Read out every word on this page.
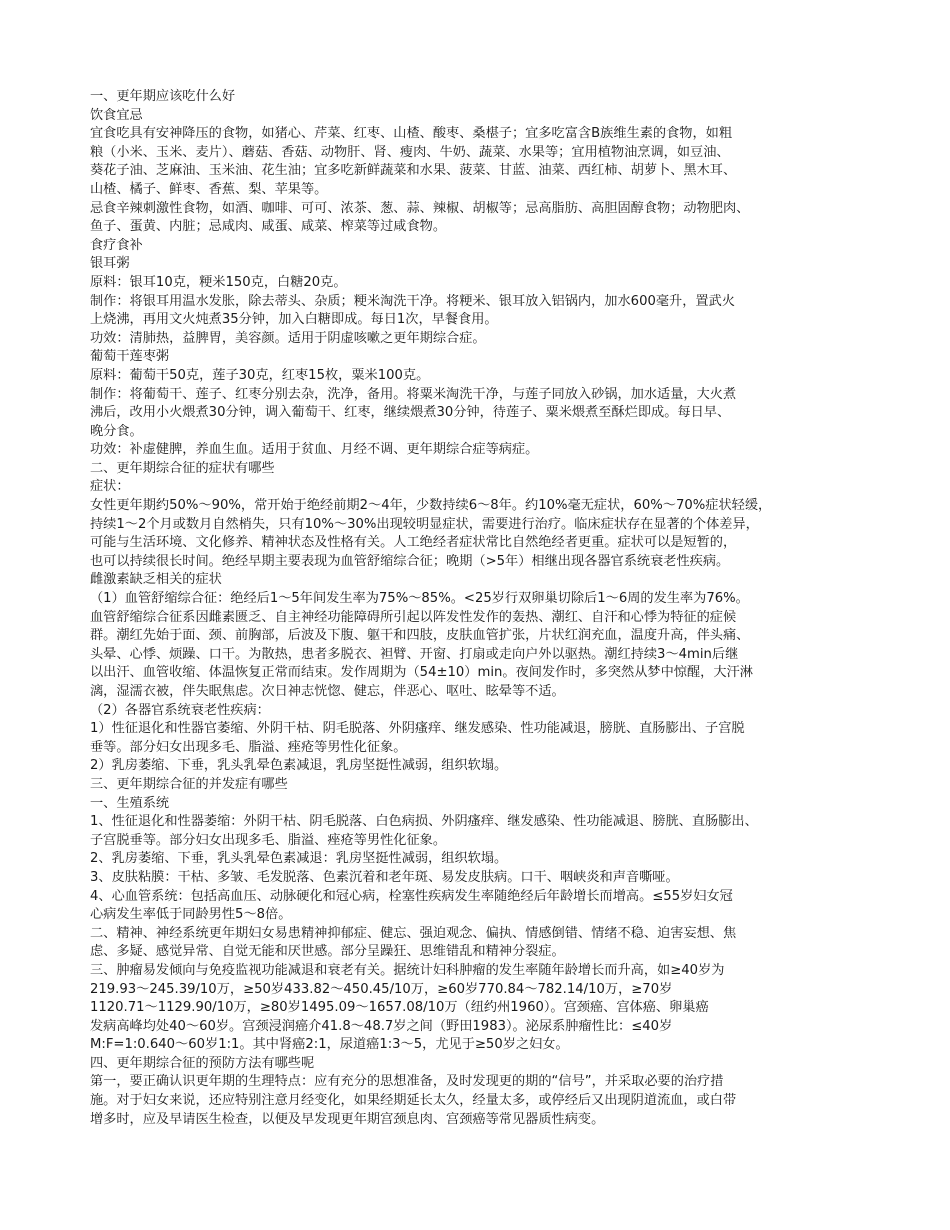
一、更年期应该吃什么好
饮食宜忌
宜食吃具有安神降压的食物，如猪心、芹菜、红枣、山楂、酸枣、桑椹子；宜多吃富含B族维生素的食物，如粗
粮（小米、玉米、麦片）、蘑菇、香菇、动物肝、肾、瘦肉、牛奶、蔬菜、水果等；宜用植物油烹调，如豆油、
葵花子油、芝麻油、玉米油、花生油；宜多吃新鲜蔬菜和水果、菠菜、甘蓝、油菜、西红柿、胡萝卜、黑木耳、
山楂、橘子、鲜枣、香蕉、梨、苹果等。
忌食辛辣刺激性食物，如酒、咖啡、可可、浓茶、葱、蒜、辣椒、胡椒等；忌高脂肪、高胆固醇食物；动物肥肉、
鱼子、蛋黄、内脏；忌咸肉、咸蛋、咸菜、榨菜等过咸食物。
食疗食补
银耳粥
原料：银耳10克，粳米150克，白糖20克。
制作：将银耳用温水发胀，除去蒂头、杂质；粳米淘洗干净。将粳米、银耳放入铝锅内，加水600毫升，置武火
上烧沸，再用文火炖煮35分钟，加入白糖即成。每日1次，早餐食用。
功效：清肺热，益脾胃，美容颜。适用于阴虚咳嗽之更年期综合症。
葡萄干莲枣粥
原料：葡萄干50克，莲子30克，红枣15枚，粟米100克。
制作：将葡萄干、莲子、红枣分别去杂，洗净，备用。将粟米淘洗干净，与莲子同放入砂锅，加水适量，大火煮
沸后，改用小火煨煮30分钟，调入葡萄干、红枣，继续煨煮30分钟，待莲子、粟米煨煮至酥烂即成。每日早、
晚分食。
功效：补虚健脾，养血生血。适用于贫血、月经不调、更年期综合症等病症。
二、更年期综合征的症状有哪些
症状：
女性更年期约50%～90%，常开始于绝经前期2～4年，少数持续6～8年。约10%毫无症状，60%～70%症状轻缓，
持续1～2个月或数月自然梢失，只有10%～30%出现较明显症状，需要进行治疗。临床症状存在显著的个体差异，
可能与生活环境、文化修养、精神状态及性格有关。人工绝经者症状常比自然绝经者更重。症状可以是短暂的，
也可以持续很长时间。绝经早期主要表现为血管舒缩综合征；晚期（>5年）相继出现各器官系统衰老性疾病。
雌激素缺乏相关的症状
（1）血管舒缩综合征：绝经后1～5年间发生率为75%～85%。<25岁行双卵巢切除后1～6周的发生率为76%。
血管舒缩综合征系因雌素匮乏、自主神经功能障碍所引起以阵发性发作的轰热、潮红、自汗和心悸为特征的症候
群。潮红先始于面、颈、前胸部，后波及下腹、躯干和四肢，皮肤血管扩张，片状红润充血，温度升高，伴头痛、
头晕、心悸、烦躁、口干。为散热，患者多脱衣、袒臂、开窗、打扇或走向户外以驱热。潮红持续3～4min后继
以出汗、血管收缩、体温恢复正常而结束。发作周期为（54±10）min。夜间发作时，多突然从梦中惊醒，大汗淋
漓，湿濡衣被，伴失眠焦虑。次日神志恍惚、健忘，伴恶心、呕吐、眩晕等不适。
（2）各器官系统衰老性疾病：
1）性征退化和性器官萎缩、外阴干枯、阴毛脱落、外阴瘙痒、继发感染、性功能减退，膀胱、直肠膨出、子宫脱
垂等。部分妇女出现多毛、脂溢、痤疮等男性化征象。
2）乳房萎缩、下垂，乳头乳晕色素减退，乳房坚挺性减弱，组织软塌。
三、更年期综合征的并发症有哪些
一、生殖系统
1、性征退化和性器萎缩：外阴干枯、阴毛脱落、白色病损、外阴瘙痒、继发感染、性功能减退、膀胱、直肠膨出、
子宫脱垂等。部分妇女出现多毛、脂溢、痤疮等男性化征象。
2、乳房萎缩、下垂，乳头乳晕色素减退：乳房坚挺性减弱，组织软塌。
3、皮肤粘膜：干枯、多皱、毛发脱落、色素沉着和老年斑、易发皮肤病。口干、咽峡炎和声音嘶哑。
4、心血管系统：包括高血压、动脉硬化和冠心病，栓塞性疾病发生率随绝经后年龄增长而增高。≤55岁妇女冠
心病发生率低于同龄男性5～8倍。
二、精神、神经系统更年期妇女易患精神抑郁症、健忘、强迫观念、偏执、情感倒错、情绪不稳、迫害妄想、焦
虑、多疑、感觉异常、自觉无能和厌世感。部分呈躁狂、思维错乱和精神分裂症。
三、肿瘤易发倾向与免疫监视功能减退和衰老有关。据统计妇科肿瘤的发生率随年龄增长而升高，如≥40岁为
219.93～245.39/10万，≥50岁433.82～450.45/10万，≥60岁770.84～782.14/10万，≥70岁
1120.71～1129.90/10万，≥80岁1495.09～1657.08/10万（纽约州1960）。宫颈癌、宫体癌、卵巢癌
发病高峰均处40～60岁。宫颈浸润癌介41.8～48.7岁之间（野田1983）。泌尿系肿瘤性比：≤40岁
M:F=1:0.640～60岁1:1。其中肾癌2:1，尿道癌1:3～5，尤见于≥50岁之妇女。
四、更年期综合征的预防方法有哪些呢
第一，要正确认识更年期的生理特点：应有充分的思想准备，及时发现更的期的“信号”，并采取必要的治疗措
施。对于妇女来说，还应特别注意月经变化，如果经期延长太久，经量太多，或停经后又出现阴道流血，或白带
增多时，应及早请医生检查，以便及早发现更年期宫颈息肉、宫颈癌等常见器质性病变。
